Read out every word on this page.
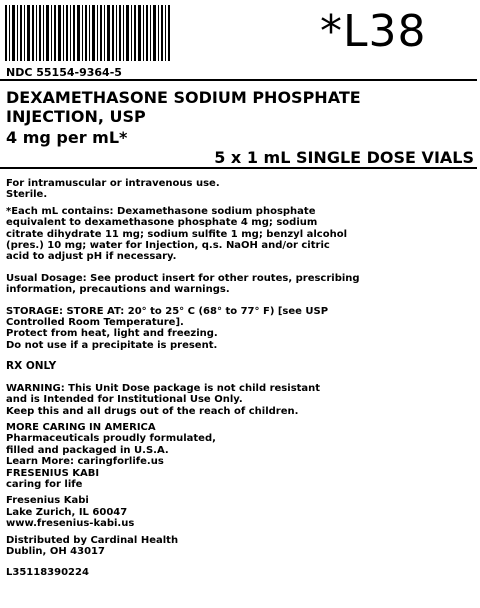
*L38
NDC 55154-9364-5
DEXAMETHASONE SODIUM PHOSPHATE
INJECTION, USP
4 mg per mL*
5 x 1 mL SINGLE DOSE VIALS

For intramuscular or intravenous use.

Sterile.

*Each mL contains: Dexamethasone sodium phosphate

equivalent to dexamethasone phosphate 4 mg; sodium

citrate dihydrate 11 mg; sodium sulfite 1 mg; benzyl alcohol

(pres.) 10 mg; water for Injection, q.s. NaOH and/or citric

acid to adjust pH if necessary.

Usual Dosage: See product insert for other routes, prescribing

information, precautions and warnings.

STORAGE: STORE AT: 20° to 25° C (68° to 77° F) [see USP

Controlled Room Temperature].

Protect from heat, light and freezing.

Do not use if a precipitate is present.

RX ONLY

WARNING: This Unit Dose package is not child resistant

and is Intended for Institutional Use Only.

Keep this and all drugs out of the reach of children.

MORE CARING IN AMERICA

Pharmaceuticals proudly formulated,

filled and packaged in U.S.A.

Learn More: caringforlife.us

FRESENIUS KABI

caring for life

Fresenius Kabi

Lake Zurich, IL 60047

www.fresenius-kabi.us

Distributed by Cardinal Health

Dublin, OH 43017

L35118390224
